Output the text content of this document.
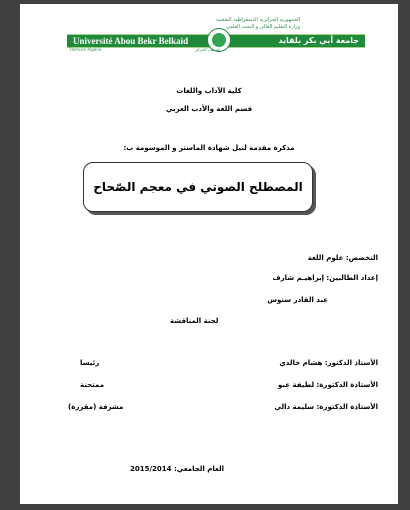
الجمهورية الجزائرية الديمقراطية الشعبية
وزارة التعليم العالي و البحث العلمي
Université Abou Bekr Belkaid	جامعة أبي بكر بلقايد
Tlemcen Algérie	تلمسان الجزائر
كلية الآداب واللغات
قسم اللغة والأدب العربي
مذكرة مقدمة لنيل شهادة الماستر و الموسومة ب:
المصطلح الصوتي في معجم الصّحاح
التخصص: علوم اللغة
إعداد الطالبين: إبراهيـم شارف
عبد القادر سنوس
لجنة المناقشة
الأستاذ الدكتور: هشام خالدي
رئيسا
الأستاذة الدكتورة: لطيفة عبو
ممتحنة
الأستاذة الدكتورة: سليمة دالي
مشرفة (مقررة)
العام الجامعي: 2015/2014
